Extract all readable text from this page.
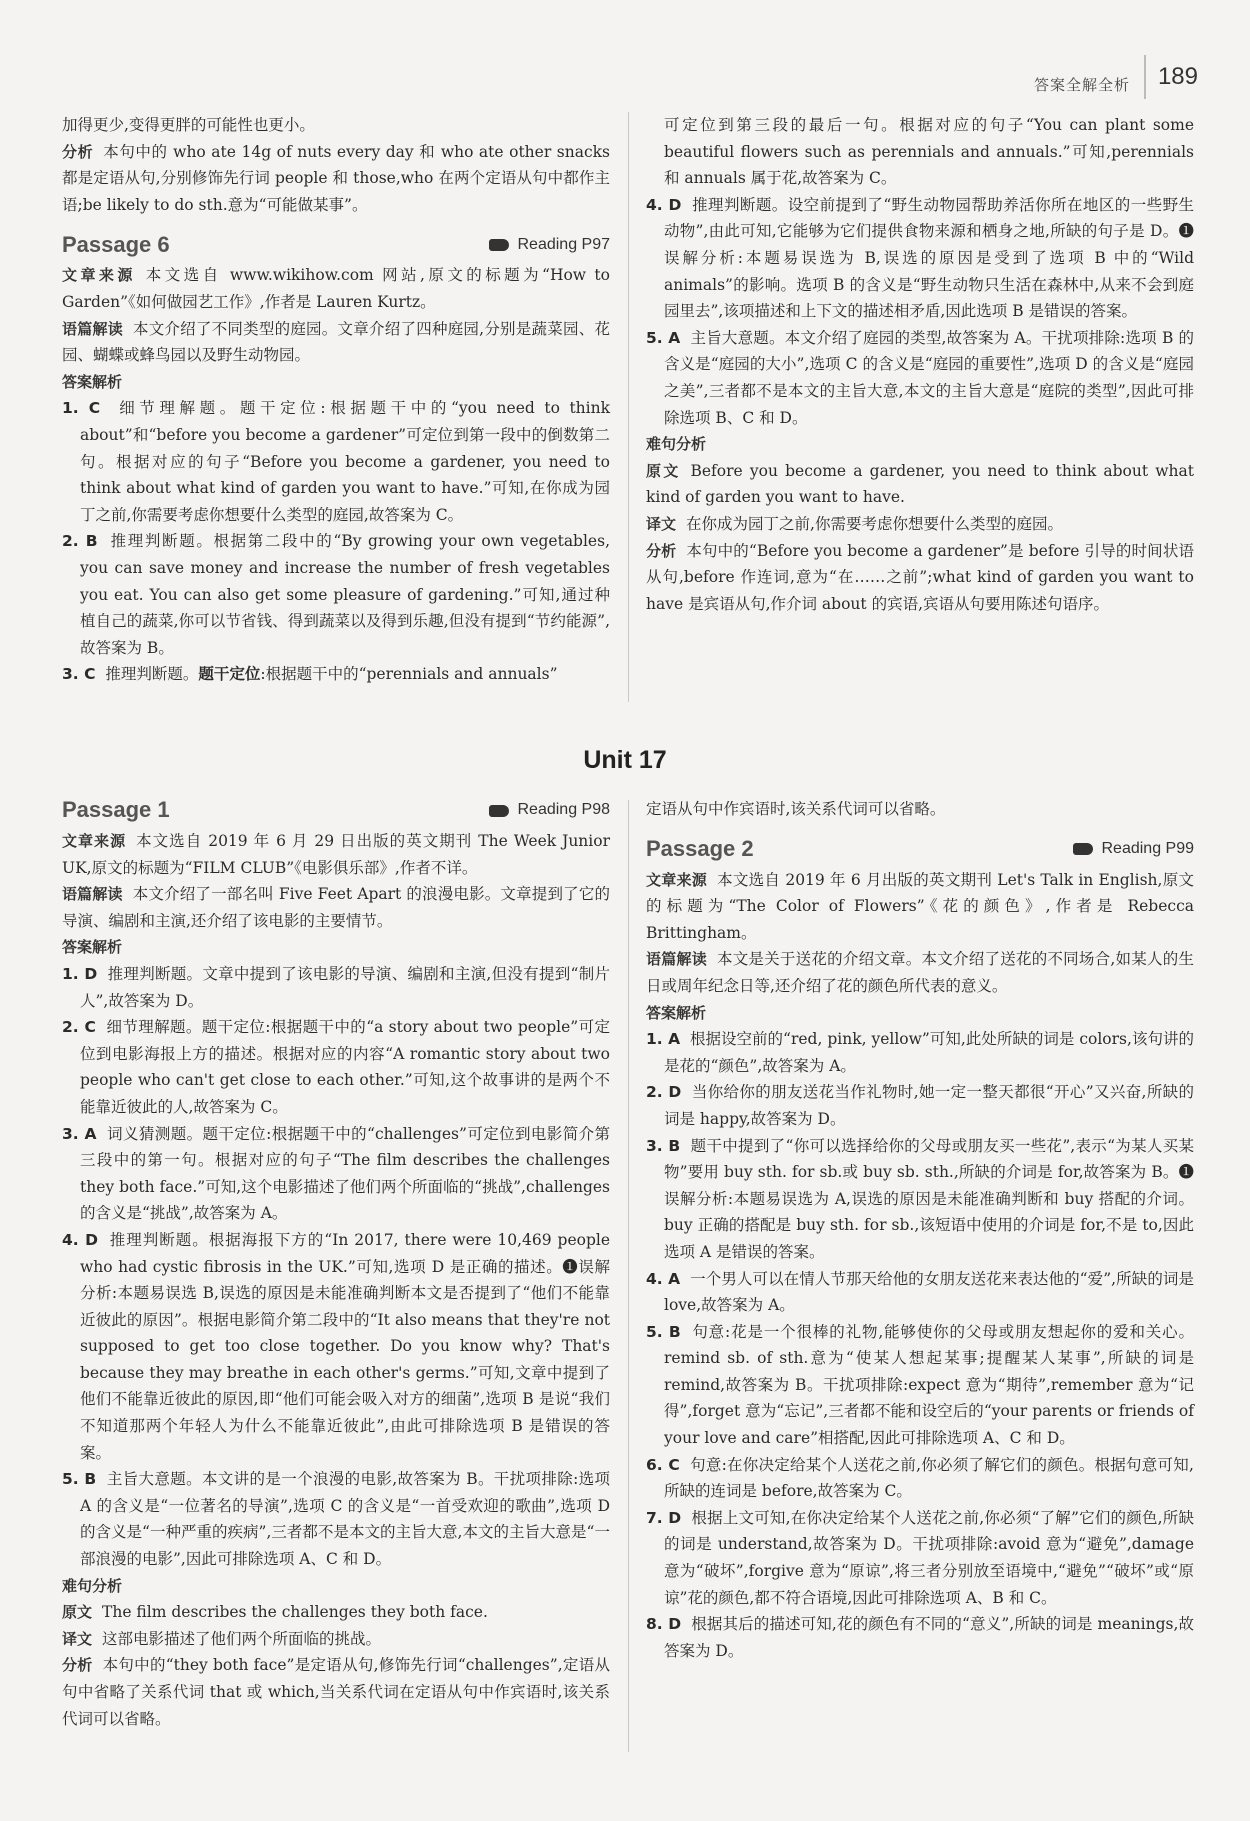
答案全解全析	189

加得更少,变得更胖的可能性也更小。

分析 本句中的 who ate 14g of nuts every day 和 who ate other snacks 都是定语从句,分别修饰先行词 people 和 those,who 在两个定语从句中都作主语;be likely to do sth.意为“可能做某事”。

Passage 6	Reading P97

文章来源 本文选自 www.wikihow.com 网站,原文的标题为“How to Garden”《如何做园艺工作》,作者是 Lauren Kurtz。

语篇解读 本文介绍了不同类型的庭园。文章介绍了四种庭园,分别是蔬菜园、花园、蝴蝶或蜂鸟园以及野生动物园。

答案解析

1. C 细节理解题。题干定位:根据题干中的“you need to think about”和“before you become a gardener”可定位到第一段中的倒数第二句。根据对应的句子“Before you become a gardener, you need to think about what kind of garden you want to have.”可知,在你成为园丁之前,你需要考虑你想要什么类型的庭园,故答案为 C。

2. B 推理判断题。根据第二段中的“By growing your own vegetables, you can save money and increase the number of fresh vegetables you eat. You can also get some pleasure of gardening.”可知,通过种植自己的蔬菜,你可以节省钱、得到蔬菜以及得到乐趣,但没有提到“节约能源”,故答案为 B。

3. C 推理判断题。题干定位:根据题干中的“perennials and annuals”

可定位到第三段的最后一句。根据对应的句子“You can plant some beautiful flowers such as perennials and annuals.”可知,perennials 和 annuals 属于花,故答案为 C。

4. D 推理判断题。设空前提到了“野生动物园帮助养活你所在地区的一些野生动物”,由此可知,它能够为它们提供食物来源和栖身之地,所缺的句子是 D。❶误解分析:本题易误选为 B,误选的原因是受到了选项 B 中的“Wild animals”的影响。选项 B 的含义是“野生动物只生活在森林中,从来不会到庭园里去”,该项描述和上下文的描述相矛盾,因此选项 B 是错误的答案。

5. A 主旨大意题。本文介绍了庭园的类型,故答案为 A。干扰项排除:选项 B 的含义是“庭园的大小”,选项 C 的含义是“庭园的重要性”,选项 D 的含义是“庭园之美”,三者都不是本文的主旨大意,本文的主旨大意是“庭院的类型”,因此可排除选项 B、C 和 D。

难句分析

原文 Before you become a gardener, you need to think about what kind of garden you want to have.

译文 在你成为园丁之前,你需要考虑你想要什么类型的庭园。

分析 本句中的“Before you become a gardener”是 before 引导的时间状语从句,before 作连词,意为“在……之前”;what kind of garden you want to have 是宾语从句,作介词 about 的宾语,宾语从句要用陈述句语序。

Unit 17
Passage 1	Reading P98

文章来源 本文选自 2019 年 6 月 29 日出版的英文期刊 The Week Junior UK,原文的标题为“FILM CLUB”《电影俱乐部》,作者不详。

语篇解读 本文介绍了一部名叫 Five Feet Apart 的浪漫电影。文章提到了它的导演、编剧和主演,还介绍了该电影的主要情节。

答案解析

1. D 推理判断题。文章中提到了该电影的导演、编剧和主演,但没有提到“制片人”,故答案为 D。

2. C 细节理解题。题干定位:根据题干中的“a story about two people”可定位到电影海报上方的描述。根据对应的内容“A romantic story about two people who can't get close to each other.”可知,这个故事讲的是两个不能靠近彼此的人,故答案为 C。

3. A 词义猜测题。题干定位:根据题干中的“challenges”可定位到电影简介第三段中的第一句。根据对应的句子“The film describes the challenges they both face.”可知,这个电影描述了他们两个所面临的“挑战”,challenges 的含义是“挑战”,故答案为 A。

4. D 推理判断题。根据海报下方的“In 2017, there were 10,469 people who had cystic fibrosis in the UK.”可知,选项 D 是正确的描述。❶误解分析:本题易误选 B,误选的原因是未能准确判断本文是否提到了“他们不能靠近彼此的原因”。根据电影简介第二段中的“It also means that they're not supposed to get too close together. Do you know why? That's because they may breathe in each other's germs.”可知,文章中提到了他们不能靠近彼此的原因,即“他们可能会吸入对方的细菌”,选项 B 是说“我们不知道那两个年轻人为什么不能靠近彼此”,由此可排除选项 B 是错误的答案。

5. B 主旨大意题。本文讲的是一个浪漫的电影,故答案为 B。干扰项排除:选项 A 的含义是“一位著名的导演”,选项 C 的含义是“一首受欢迎的歌曲”,选项 D 的含义是“一种严重的疾病”,三者都不是本文的主旨大意,本文的主旨大意是“一部浪漫的电影”,因此可排除选项 A、C 和 D。

难句分析

原文 The film describes the challenges they both face.

译文 这部电影描述了他们两个所面临的挑战。

分析 本句中的“they both face”是定语从句,修饰先行词“challenges”,定语从句中省略了关系代词 that 或 which,当关系代词在定语从句中作宾语时,该关系代词可以省略。

定语从句中作宾语时,该关系代词可以省略。

Passage 2	Reading P99

文章来源 本文选自 2019 年 6 月出版的英文期刊 Let's Talk in English,原文的标题为“The Color of Flowers”《花的颜色》,作者是 Rebecca Brittingham。

语篇解读 本文是关于送花的介绍文章。本文介绍了送花的不同场合,如某人的生日或周年纪念日等,还介绍了花的颜色所代表的意义。

答案解析

1. A 根据设空前的“red, pink, yellow”可知,此处所缺的词是 colors,该句讲的是花的“颜色”,故答案为 A。

2. D 当你给你的朋友送花当作礼物时,她一定一整天都很“开心”又兴奋,所缺的词是 happy,故答案为 D。

3. B 题干中提到了“你可以选择给你的父母或朋友买一些花”,表示“为某人买某物”要用 buy sth. for sb.或 buy sb. sth.,所缺的介词是 for,故答案为 B。❶误解分析:本题易误选为 A,误选的原因是未能准确判断和 buy 搭配的介词。buy 正确的搭配是 buy sth. for sb.,该短语中使用的介词是 for,不是 to,因此选项 A 是错误的答案。

4. A 一个男人可以在情人节那天给他的女朋友送花来表达他的“爱”,所缺的词是 love,故答案为 A。

5. B 句意:花是一个很棒的礼物,能够使你的父母或朋友想起你的爱和关心。remind sb. of sth.意为“使某人想起某事;提醒某人某事”,所缺的词是 remind,故答案为 B。干扰项排除:expect 意为“期待”,remember 意为“记得”,forget 意为“忘记”,三者都不能和设空后的“your parents or friends of your love and care”相搭配,因此可排除选项 A、C 和 D。

6. C 句意:在你决定给某个人送花之前,你必须了解它们的颜色。根据句意可知,所缺的连词是 before,故答案为 C。

7. D 根据上文可知,在你决定给某个人送花之前,你必须“了解”它们的颜色,所缺的词是 understand,故答案为 D。干扰项排除:avoid 意为“避免”,damage 意为“破坏”,forgive 意为“原谅”,将三者分别放至语境中,“避免”“破坏”或“原谅”花的颜色,都不符合语境,因此可排除选项 A、B 和 C。

8. D 根据其后的描述可知,花的颜色有不同的“意义”,所缺的词是 meanings,故答案为 D。
